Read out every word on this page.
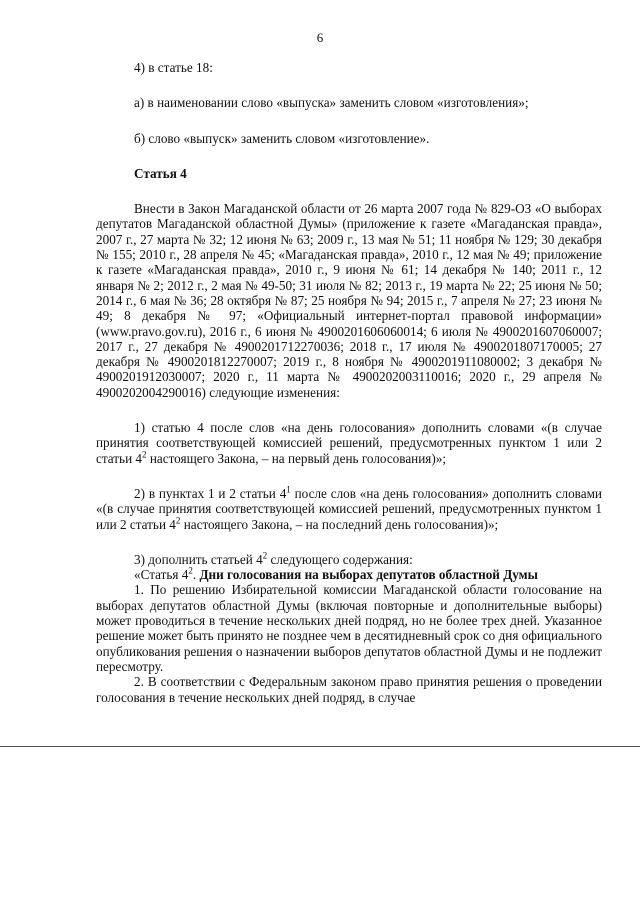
6

4) в статье 18:

а) в наименовании слово «выпуска» заменить словом «изготовления»;

б) слово «выпуск» заменить словом «изготовление».

Статья 4

Внести в Закон Магаданской области от 26 марта 2007 года № 829-ОЗ «О выборах депутатов Магаданской областной Думы» (приложение к газете «Магаданская правда», 2007 г., 27 марта № 32; 12 июня № 63; 2009 г., 13 мая № 51; 11 ноября № 129; 30 декабря № 155; 2010 г., 28 апреля № 45; «Магаданская правда», 2010 г., 12 мая № 49; приложение к газете «Магаданская правда», 2010 г., 9 июня № 61; 14 декабря № 140; 2011 г., 12 января № 2; 2012 г., 2 мая № 49-50; 31 июля № 82; 2013 г., 19 марта № 22; 25 июня № 50; 2014 г., 6 мая № 36; 28 октября № 87; 25 ноября № 94; 2015 г., 7 апреля № 27; 23 июня № 49; 8 декабря № 97; «Официальный интернет-портал правовой информации» (www.pravo.gov.ru), 2016 г., 6 июня № 4900201606060014; 6 июля № 4900201607060007; 2017 г., 27 декабря № 4900201712270036; 2018 г., 17 июля № 4900201807170005; 27 декабря № 4900201812270007; 2019 г., 8 ноября № 4900201911080002; 3 декабря № 4900201912030007; 2020 г., 11 марта № 4900202003110016; 2020 г., 29 апреля № 4900202004290016) следующие изменения:

1) статью 4 после слов «на день голосования» дополнить словами «(в случае принятия соответствующей комиссией решений, предусмотренных пунктом 1 или 2 статьи $4^2$ настоящего Закона, – на первый день голосования)»;

2) в пунктах 1 и 2 статьи $4^1$ после слов «на день голосования» дополнить словами «(в случае принятия соответствующей комиссией решений, предусмотренных пунктом 1 или 2 статьи $4^2$ настоящего Закона, – на последний день голосования)»;

3) дополнить статьей $4^2$ следующего содержания:

«Статья $4^2$. Дни голосования на выборах депутатов областной Думы

1. По решению Избирательной комиссии Магаданской области голосование на выборах депутатов областной Думы (включая повторные и дополнительные выборы) может проводиться в течение нескольких дней подряд, но не более трех дней. Указанное решение может быть принято не позднее чем в десятидневный срок со дня официального опубликования решения о назначении выборов депутатов областной Думы и не подлежит пересмотру.

2. В соответствии с Федеральным законом право принятия решения о проведении голосования в течение нескольких дней подряд, в случае
